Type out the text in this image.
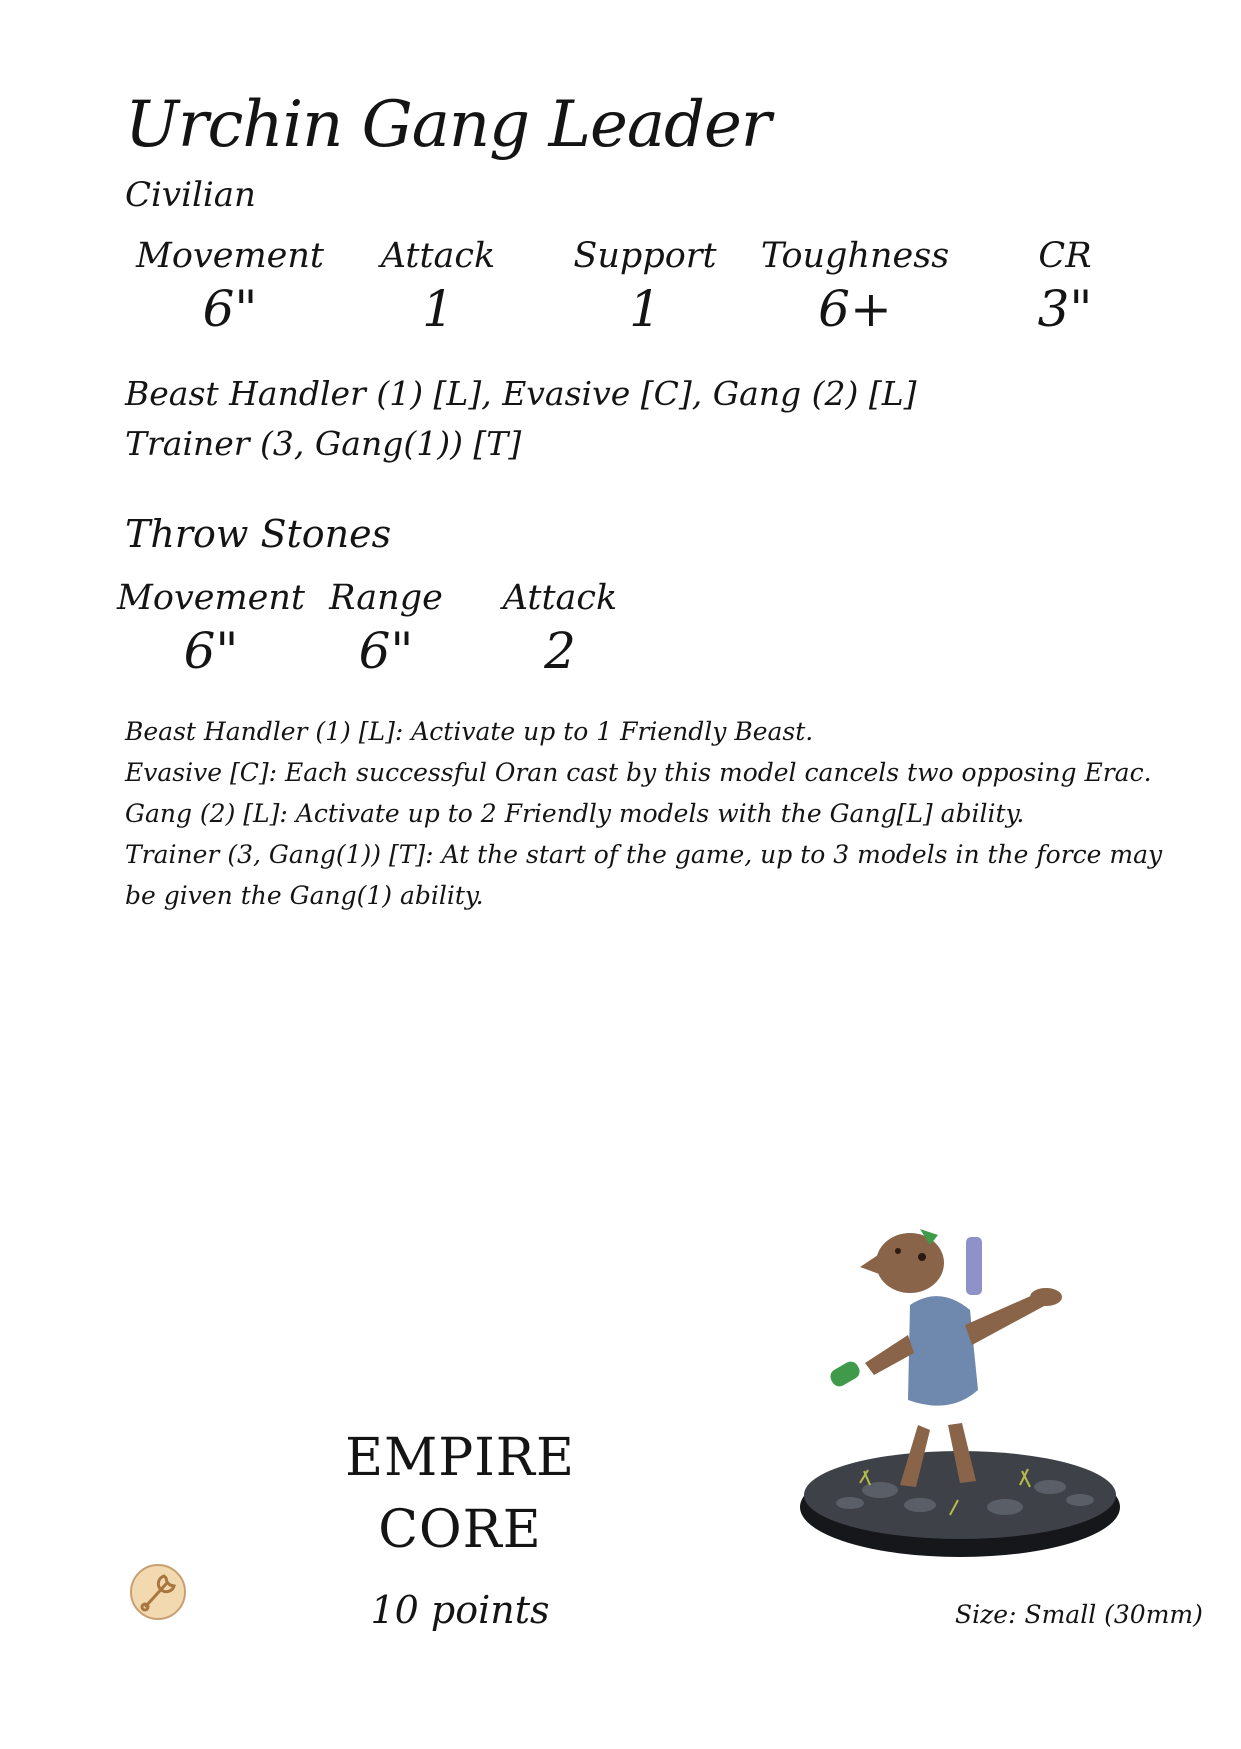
Urchin Gang Leader
Civilian
Movement
6"
Attack
1
Support
1
Toughness
6+
CR
3"
Beast Handler (1) [L], Evasive [C], Gang (2) [L]
Trainer (3, Gang(1)) [T]
Throw Stones
Movement
6"
Range
6"
Attack
2
Beast Handler (1) [L]: Activate up to 1 Friendly Beast.
Evasive [C]: Each successful Oran cast by this model cancels two opposing Erac.
Gang (2) [L]: Activate up to 2 Friendly models with the Gang[L] ability.
Trainer (3, Gang(1)) [T]: At the start of the game, up to 3 models in the force may
be given the Gang(1) ability.
EMPIRE
CORE
10 points	Size: Small (30mm)
